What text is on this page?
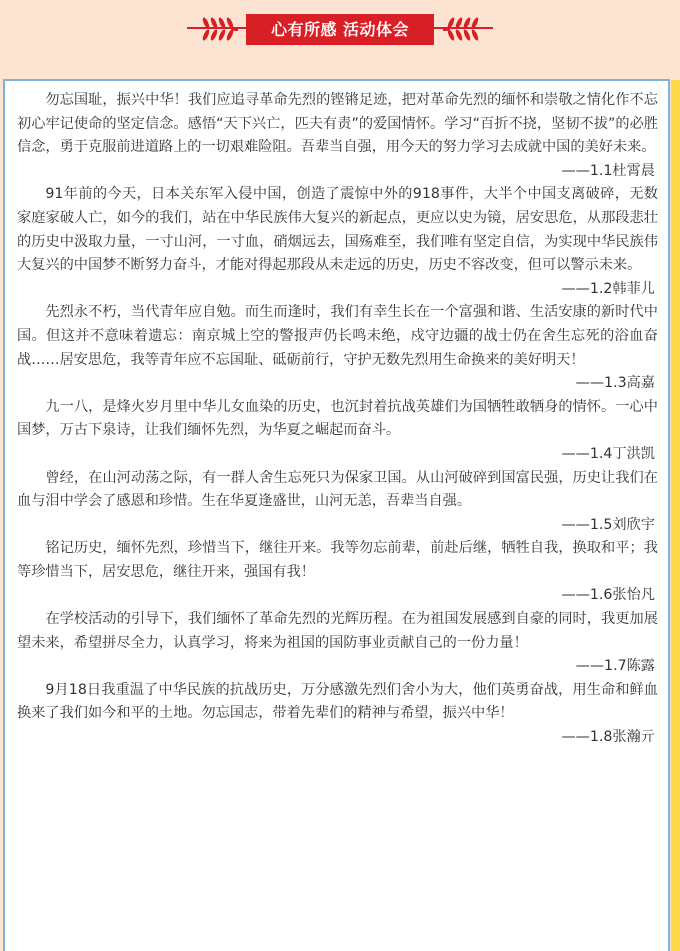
心有所感 活动体会

勿忘国耻，振兴中华！我们应追寻革命先烈的铿锵足迹，把对革命先烈的缅怀和崇敬之情化作不忘初心牢记使命的坚定信念。感悟“天下兴亡，匹夫有责”的爱国情怀。学习“百折不挠，坚韧不拔”的必胜信念，勇于克服前进道路上的一切艰难险阻。吾辈当自强，用今天的努力学习去成就中国的美好未来。

——1.1杜霄晨

91年前的今天，日本关东军入侵中国，创造了震惊中外的918事件，大半个中国支离破碎，无数家庭家破人亡，如今的我们，站在中华民族伟大复兴的新起点，更应以史为镜，居安思危，从那段悲壮的历史中汲取力量，一寸山河，一寸血，硝烟远去，国殇难至，我们唯有坚定自信，为实现中华民族伟大复兴的中国梦不断努力奋斗，才能对得起那段从未走远的历史，历史不容改变，但可以警示未来。

——1.2韩菲儿

先烈永不朽，当代青年应自勉。而生而逢时，我们有幸生长在一个富强和谐、生活安康的新时代中国。但这并不意味着遗忘：南京城上空的警报声仍长鸣未绝，戍守边疆的战士仍在舍生忘死的浴血奋战……居安思危，我等青年应不忘国耻、砥砺前行，守护无数先烈用生命换来的美好明天！

——1.3高嘉

九一八，是烽火岁月里中华儿女血染的历史，也沉封着抗战英雄们为国牺牲敢牺身的情怀。一心中国梦，万古下泉诗，让我们缅怀先烈，为华夏之崛起而奋斗。

——1.4丁洪凯

曾经，在山河动荡之际，有一群人舍生忘死只为保家卫国。从山河破碎到国富民强，历史让我们在血与泪中学会了感恩和珍惜。生在华夏逢盛世，山河无恙，吾辈当自强。

——1.5刘欣宇

铭记历史，缅怀先烈，珍惜当下，继往开来。我等勿忘前辈，前赴后继，牺牲自我，换取和平；我等珍惜当下，居安思危，继往开来，强国有我！

——1.6张怡凡

在学校活动的引导下，我们缅怀了革命先烈的光辉历程。在为祖国发展感到自豪的同时，我更加展望未来，希望拼尽全力，认真学习，将来为祖国的国防事业贡献自己的一份力量！

——1.7陈露

9月18日我重温了中华民族的抗战历史，万分感激先烈们舍小为大，他们英勇奋战，用生命和鲜血换来了我们如今和平的土地。勿忘国志，带着先辈们的精神与希望，振兴中华！

——1.8张瀚亓
